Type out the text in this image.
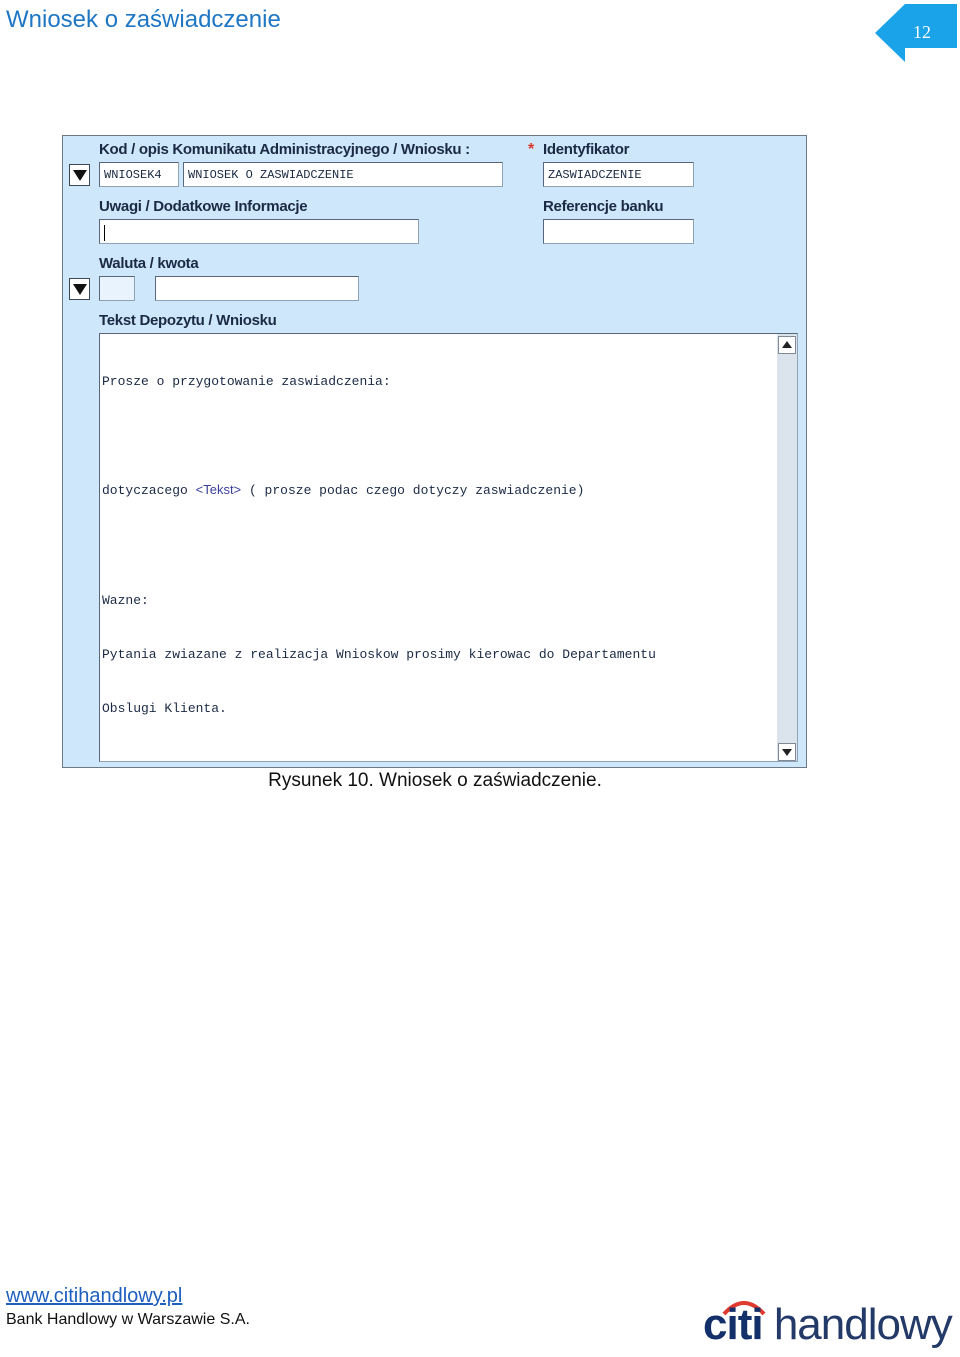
Wniosek o zaświadczenie	12
Kod / opis Komunikatu Administracyjnego / Wniosku :
WNIOSEK4	WNIOSEK O ZASWIADCZENIE
* Identyfikator
ZASWIADCZENIE
Uwagi / Dodatkowe Informacje	Referencje banku
Waluta / kwota
Tekst Depozytu / Wniosku

Prosze o przygotowanie zaswiadczenia:

dotyczacego <Tekst> ( prosze podac czego dotyczy zaswiadczenie)

Wazne:

Pytania zwiazane z realizacja Wnioskow prosimy kierowac do Departamentu

Obslugi Klienta.

Rysunek 10. Wniosek o zaświadczenie.
www.citihandlowy.pl
Bank Handlowy w Warszawie S.A.	citi handlowy
